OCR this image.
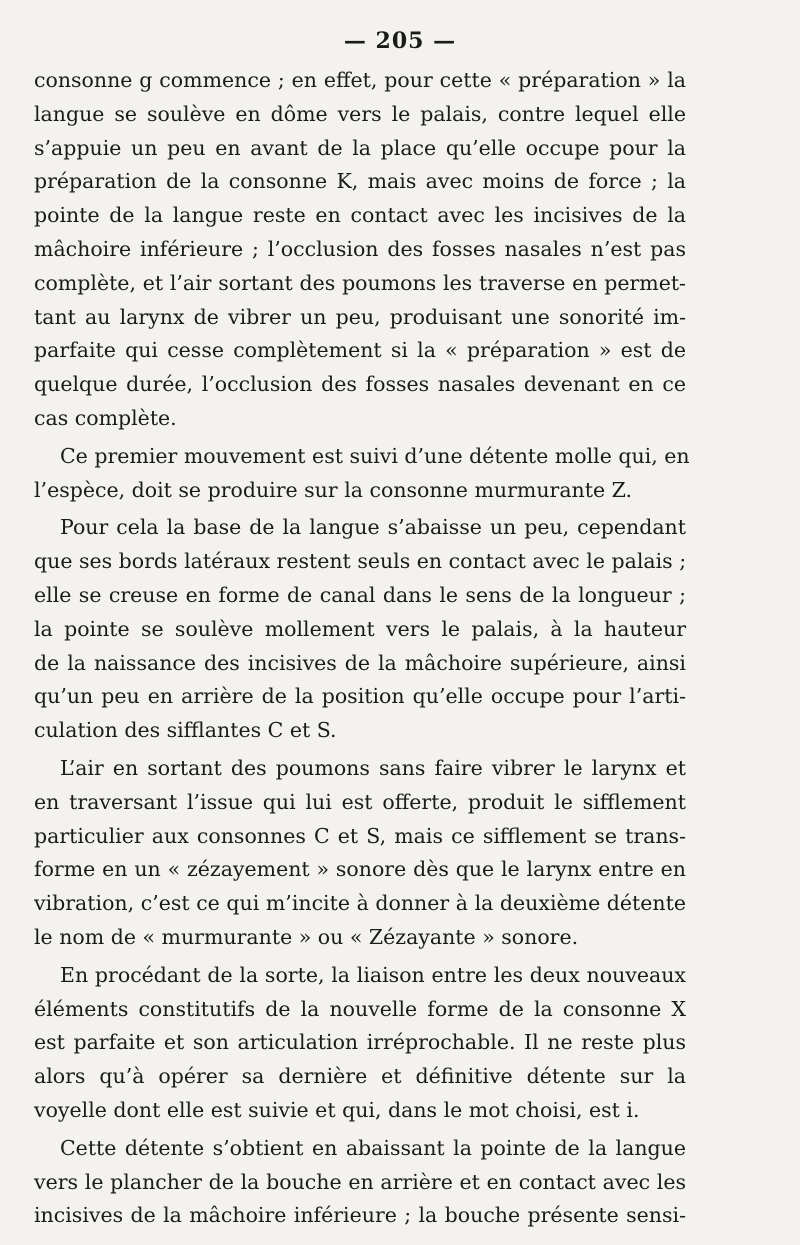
— 205 —
consonne g commence ; en effet, pour cette « préparation » la
langue se soulève en dôme vers le palais, contre lequel elle
s’appuie un peu en avant de la place qu’elle occupe pour la
préparation de la consonne K, mais avec moins de force ; la
pointe de la langue reste en contact avec les incisives de la
mâchoire inférieure ; l’occlusion des fosses nasales n’est pas
complète, et l’air sortant des poumons les traverse en permet-
tant au larynx de vibrer un peu, produisant une sonorité im-
parfaite qui cesse complètement si la « préparation » est de
quelque durée, l’occlusion des fosses nasales devenant en ce
cas complète.
Ce premier mouvement est suivi d’une détente molle qui, en
l’espèce, doit se produire sur la consonne murmurante Z.
Pour cela la base de la langue s’abaisse un peu, cependant
que ses bords latéraux restent seuls en contact avec le palais ;
elle se creuse en forme de canal dans le sens de la longueur ;
la pointe se soulève mollement vers le palais, à la hauteur
de la naissance des incisives de la mâchoire supérieure, ainsi
qu’un peu en arrière de la position qu’elle occupe pour l’arti-
culation des sifflantes C et S.
L’air en sortant des poumons sans faire vibrer le larynx et
en traversant l’issue qui lui est offerte, produit le sifflement
particulier aux consonnes C et S, mais ce sifflement se trans-
forme en un « zézayement » sonore dès que le larynx entre en
vibration, c’est ce qui m’incite à donner à la deuxième détente
le nom de « murmurante » ou « Zézayante » sonore.
En procédant de la sorte, la liaison entre les deux nouveaux
éléments constitutifs de la nouvelle forme de la consonne X
est parfaite et son articulation irréprochable. Il ne reste plus
alors qu’à opérer sa dernière et définitive détente sur la
voyelle dont elle est suivie et qui, dans le mot choisi, est i.
Cette détente s’obtient en abaissant la pointe de la langue
vers le plancher de la bouche en arrière et en contact avec les
incisives de la mâchoire inférieure ; la bouche présente sensi-
